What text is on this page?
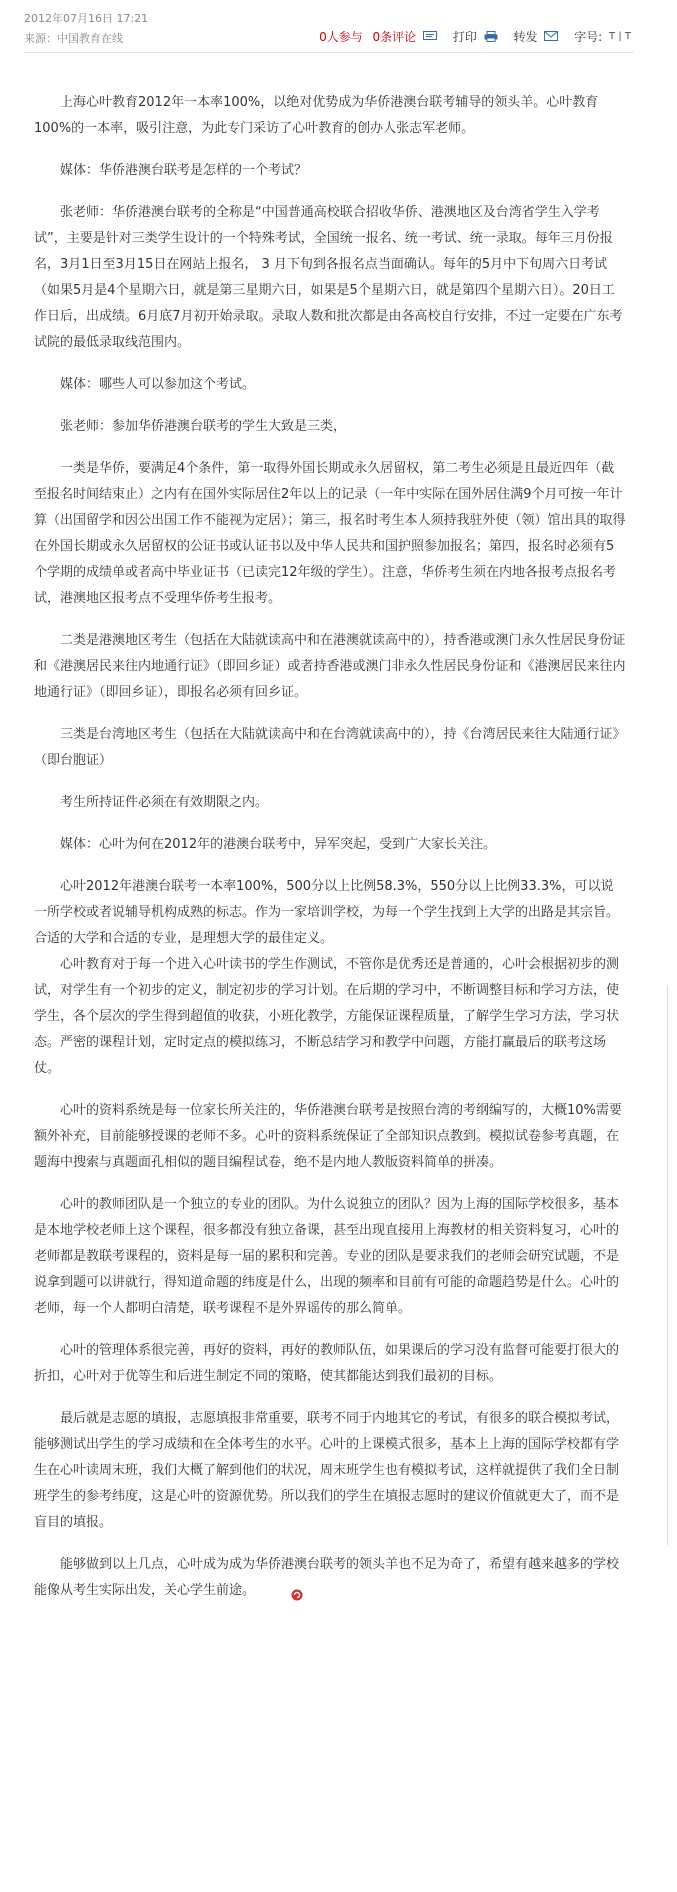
2012年07月16日 17:21
来源：中国教育在线	0人参与 0条评论	打印	转发	字号: T | T

上海心叶教育2012年一本率100%，以绝对优势成为华侨港澳台联考辅导的领头羊。心叶教育100%的一本率，吸引注意，为此专门采访了心叶教育的创办人张志军老师。

媒体：华侨港澳台联考是怎样的一个考试？

张老师：华侨港澳台联考的全称是“中国普通高校联合招收华侨、港澳地区及台湾省学生入学考试”，主要是针对三类学生设计的一个特殊考试，全国统一报名、统一考试、统一录取。每年三月份报名，3月1日至3月15日在网站上报名， 3 月下旬到各报名点当面确认。每年的5月中下旬周六日考试（如果5月是4个星期六日，就是第三星期六日，如果是5个星期六日，就是第四个星期六日）。20日工作日后，出成绩。6月底7月初开始录取。录取人数和批次都是由各高校自行安排，不过一定要在广东考试院的最低录取线范围内。

媒体：哪些人可以参加这个考试。

张老师：参加华侨港澳台联考的学生大致是三类，

一类是华侨，要满足4个条件，第一取得外国长期或永久居留权，第二考生必须是且最近四年（截至报名时间结束止）之内有在国外实际居住2年以上的记录（一年中实际在国外居住满9个月可按一年计算（出国留学和因公出国工作不能视为定居）；第三，报名时考生本人须持我驻外使（领）馆出具的取得在外国长期或永久居留权的公证书或认证书以及中华人民共和国护照参加报名；第四，报名时必须有5个学期的成绩单或者高中毕业证书（已读完12年级的学生）。注意，华侨考生须在内地各报考点报名考试，港澳地区报考点不受理华侨考生报考。

二类是港澳地区考生（包括在大陆就读高中和在港澳就读高中的），持香港或澳门永久性居民身份证和《港澳居民来往内地通行证》（即回乡证）或者持香港或澳门非永久性居民身份证和《港澳居民来往内地通行证》（即回乡证），即报名必须有回乡证。

三类是台湾地区考生（包括在大陆就读高中和在台湾就读高中的），持《台湾居民来往大陆通行证》（即台胞证）

考生所持证件必须在有效期限之内。

媒体：心叶为何在2012年的港澳台联考中，异军突起，受到广大家长关注。

心叶2012年港澳台联考一本率100%，500分以上比例58.3%，550分以上比例33.3%，可以说一所学校或者说辅导机构成熟的标志。作为一家培训学校，为每一个学生找到上大学的出路是其宗旨。合适的大学和合适的专业，是理想大学的最佳定义。

心叶教育对于每一个进入心叶读书的学生作测试，不管你是优秀还是普通的，心叶会根据初步的测试，对学生有一个初步的定义，制定初步的学习计划。在后期的学习中，不断调整目标和学习方法，使学生，各个层次的学生得到超值的收获，小班化教学，方能保证课程质量，了解学生学习方法，学习状态。严密的课程计划，定时定点的模拟练习，不断总结学习和教学中问题，方能打赢最后的联考这场仗。

心叶的资料系统是每一位家长所关注的，华侨港澳台联考是按照台湾的考纲编写的，大概10%需要额外补充，目前能够授课的老师不多。心叶的资料系统保证了全部知识点教到。模拟试卷参考真题，在题海中搜索与真题面孔相似的题目编程试卷，绝不是内地人教版资料简单的拼凑。

心叶的教师团队是一个独立的专业的团队。为什么说独立的团队？因为上海的国际学校很多，基本是本地学校老师上这个课程，很多都没有独立备课，甚至出现直接用上海教材的相关资料复习，心叶的老师都是教联考课程的，资料是每一届的累积和完善。专业的团队是要求我们的老师会研究试题，不是说拿到题可以讲就行，得知道命题的纬度是什么，出现的频率和目前有可能的命题趋势是什么。心叶的老师，每一个人都明白清楚，联考课程不是外界谣传的那么简单。

心叶的管理体系很完善，再好的资料，再好的教师队伍，如果课后的学习没有监督可能要打很大的折扣，心叶对于优等生和后进生制定不同的策略，使其都能达到我们最初的目标。

最后就是志愿的填报，志愿填报非常重要，联考不同于内地其它的考试，有很多的联合模拟考试，能够测试出学生的学习成绩和在全体考生的水平。心叶的上课模式很多，基本上上海的国际学校都有学生在心叶读周末班，我们大概了解到他们的状况，周末班学生也有模拟考试，这样就提供了我们全日制班学生的参考纬度，这是心叶的资源优势。所以我们的学生在填报志愿时的建议价值就更大了，而不是盲目的填报。

能够做到以上几点，心叶成为成为华侨港澳台联考的领头羊也不足为奇了，希望有越来越多的学校能像从考生实际出发，关心学生前途。
